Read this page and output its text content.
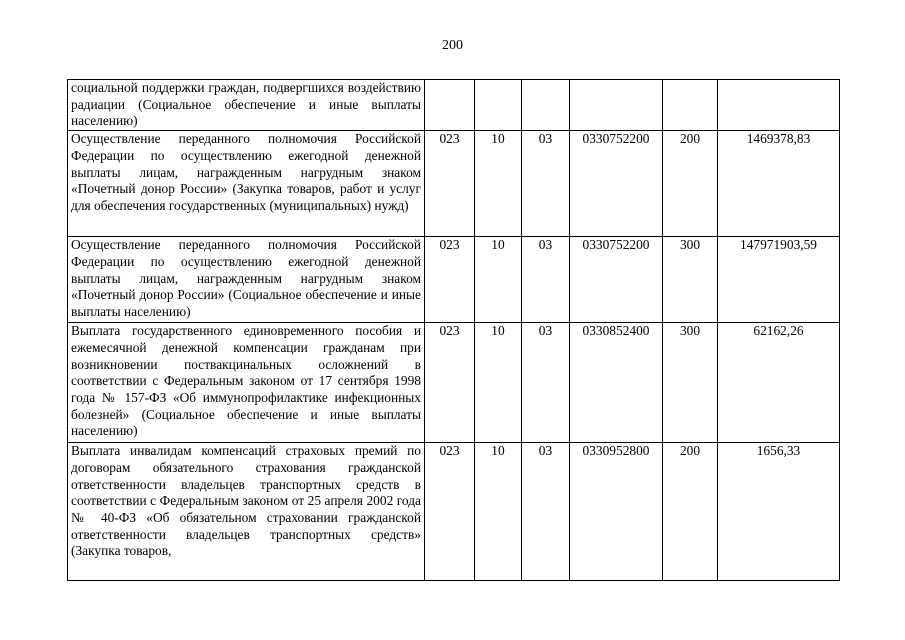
200
социальной поддержки граждан, подвергшихся воздействию радиации (Социальное обеспечение и иные выплаты населению)						
Осуществление переданного полномочия Российской Федерации по осуществлению ежегодной денежной выплаты лицам, награжденным нагрудным знаком «Почетный донор России» (Закупка товаров, работ и услуг для обеспечения государственных (муниципальных) нужд)	023	10	03	0330752200	200	1469378,83
Осуществление переданного полномочия Российской Федерации по осуществлению ежегодной денежной выплаты лицам, награжденным нагрудным знаком «Почетный донор России» (Социальное обеспечение и иные выплаты населению)	023	10	03	0330752200	300	147971903,59
Выплата государственного единовременного пособия и ежемесячной денежной компенсации гражданам при возникновении поствакцинальных осложнений в соответствии с Федеральным законом от 17 сентября 1998 года № 157-ФЗ «Об иммунопрофилактике инфекционных болезней» (Социальное обеспечение и иные выплаты населению)	023	10	03	0330852400	300	62162,26
Выплата инвалидам компенсаций страховых премий по договорам обязательного страхования гражданской ответственности владельцев транспортных средств в соответствии с Федеральным законом от 25 апреля 2002 года № 40-ФЗ «Об обязательном страховании гражданской ответственности владельцев транспортных средств» (Закупка товаров,	023	10	03	0330952800	200	1656,33
